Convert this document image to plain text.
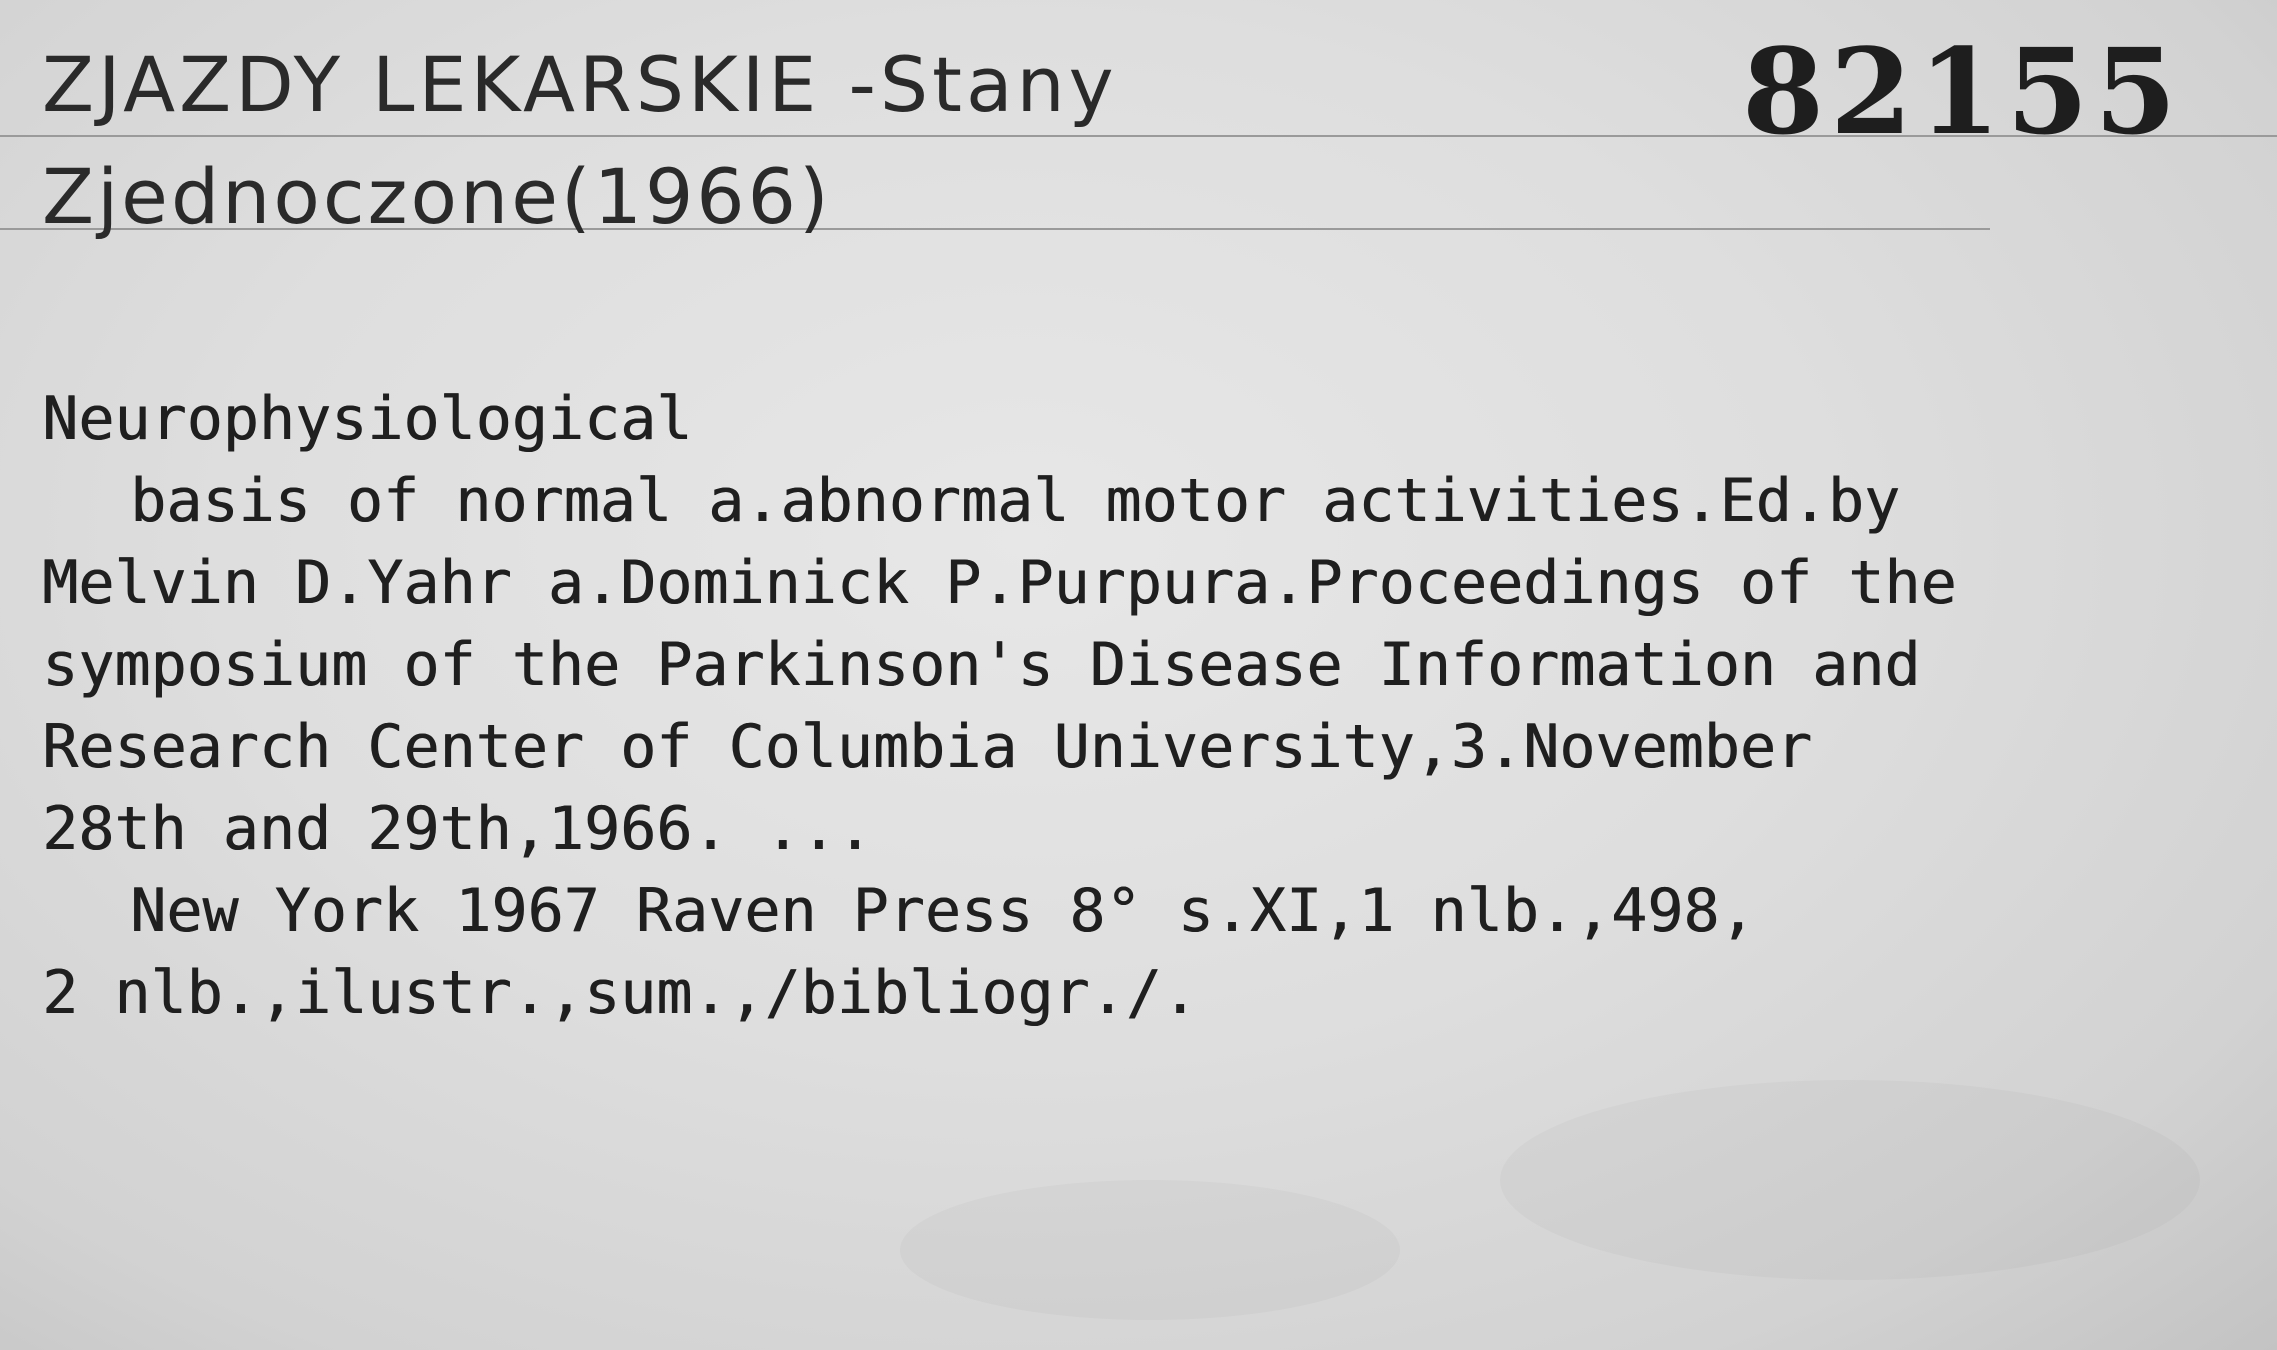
ZJAZDY LEKARSKIE -Stany
Zjednoczone(1966)
82155
Neurophysiological
basis of normal a.abnormal motor activities.Ed.by
Melvin D.Yahr a.Dominick P.Purpura.Proceedings of the
symposium of the Parkinson's Disease Information and
Research Center of Columbia University,3.November
28th and 29th,1966. ...
New York 1967 Raven Press 8° s.XI,1 nlb.,498,
2 nlb.,ilustr.,sum.,/bibliogr./.
